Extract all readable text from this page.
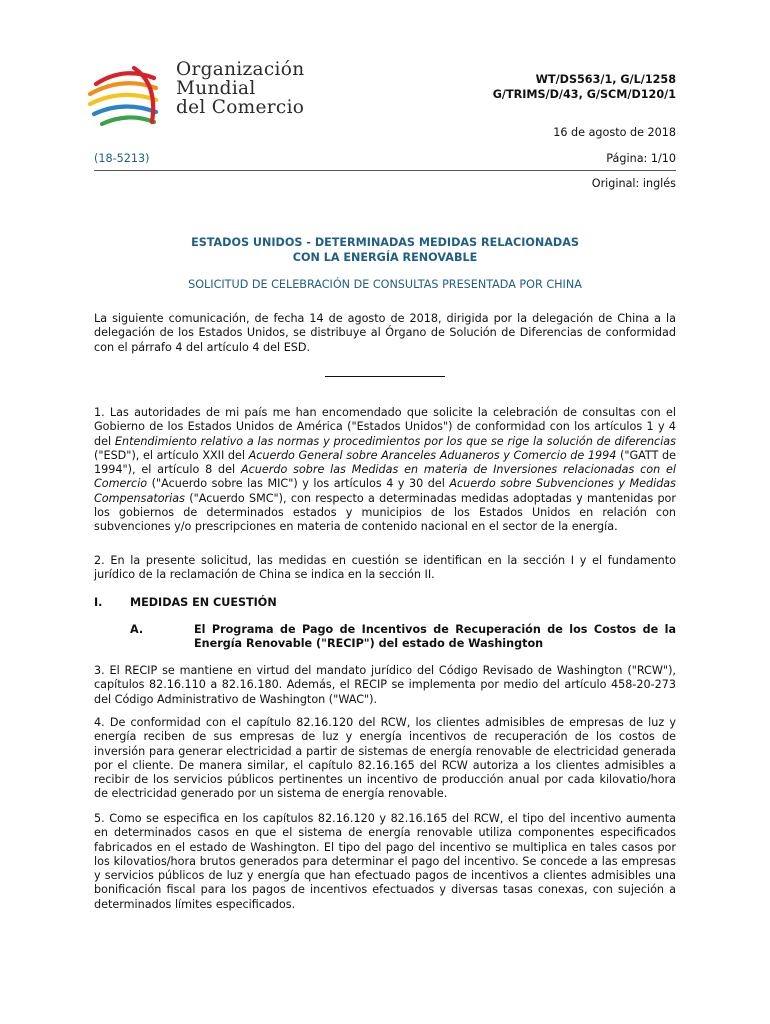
Organización
Mundial
del Comercio
WT/DS563/1, G/L/1258
G/TRIMS/D/43, G/SCM/D120/1
16 de agosto de 2018
(18-5213)	Página: 1/10
Original: inglés
ESTADOS UNIDOS - DETERMINADAS MEDIDAS RELACIONADAS
CON LA ENERGÍA RENOVABLE
SOLICITUD DE CELEBRACIÓN DE CONSULTAS PRESENTADA POR CHINA
La siguiente comunicación, de fecha 14 de agosto de 2018, dirigida por la delegación de China a la delegación de los Estados Unidos, se distribuye al Órgano de Solución de Diferencias de conformidad con el párrafo 4 del artículo 4 del ESD.
1. Las autoridades de mi país me han encomendado que solicite la celebración de consultas con el Gobierno de los Estados Unidos de América ("Estados Unidos") de conformidad con los artículos 1 y 4 del Entendimiento relativo a las normas y procedimientos por los que se rige la solución de diferencias ("ESD"), el artículo XXII del Acuerdo General sobre Aranceles Aduaneros y Comercio de 1994 ("GATT de 1994"), el artículo 8 del Acuerdo sobre las Medidas en materia de Inversiones relacionadas con el Comercio ("Acuerdo sobre las MIC") y los artículos 4 y 30 del Acuerdo sobre Subvenciones y Medidas Compensatorias ("Acuerdo SMC"), con respecto a determinadas medidas adoptadas y mantenidas por los gobiernos de determinados estados y municipios de los Estados Unidos en relación con subvenciones y/o prescripciones en materia de contenido nacional en el sector de la energía.
2. En la presente solicitud, las medidas en cuestión se identifican en la sección I y el fundamento jurídico de la reclamación de China se indica en la sección II.
I. MEDIDAS EN CUESTIÓN
A.	El Programa de Pago de Incentivos de Recuperación de los Costos de la Energía Renovable ("RECIP") del estado de Washington
3. El RECIP se mantiene en virtud del mandato jurídico del Código Revisado de Washington ("RCW"), capítulos 82.16.110 a 82.16.180. Además, el RECIP se implementa por medio del artículo 458-20-273 del Código Administrativo de Washington ("WAC").
4. De conformidad con el capítulo 82.16.120 del RCW, los clientes admisibles de empresas de luz y energía reciben de sus empresas de luz y energía incentivos de recuperación de los costos de inversión para generar electricidad a partir de sistemas de energía renovable de electricidad generada por el cliente. De manera similar, el capítulo 82.16.165 del RCW autoriza a los clientes admisibles a recibir de los servicios públicos pertinentes un incentivo de producción anual por cada kilovatio/hora de electricidad generado por un sistema de energía renovable.
5. Como se especifica en los capítulos 82.16.120 y 82.16.165 del RCW, el tipo del incentivo aumenta en determinados casos en que el sistema de energía renovable utiliza componentes especificados fabricados en el estado de Washington. El tipo del pago del incentivo se multiplica en tales casos por los kilovatios/hora brutos generados para determinar el pago del incentivo. Se concede a las empresas y servicios públicos de luz y energía que han efectuado pagos de incentivos a clientes admisibles una bonificación fiscal para los pagos de incentivos efectuados y diversas tasas conexas, con sujeción a determinados límites especificados.
